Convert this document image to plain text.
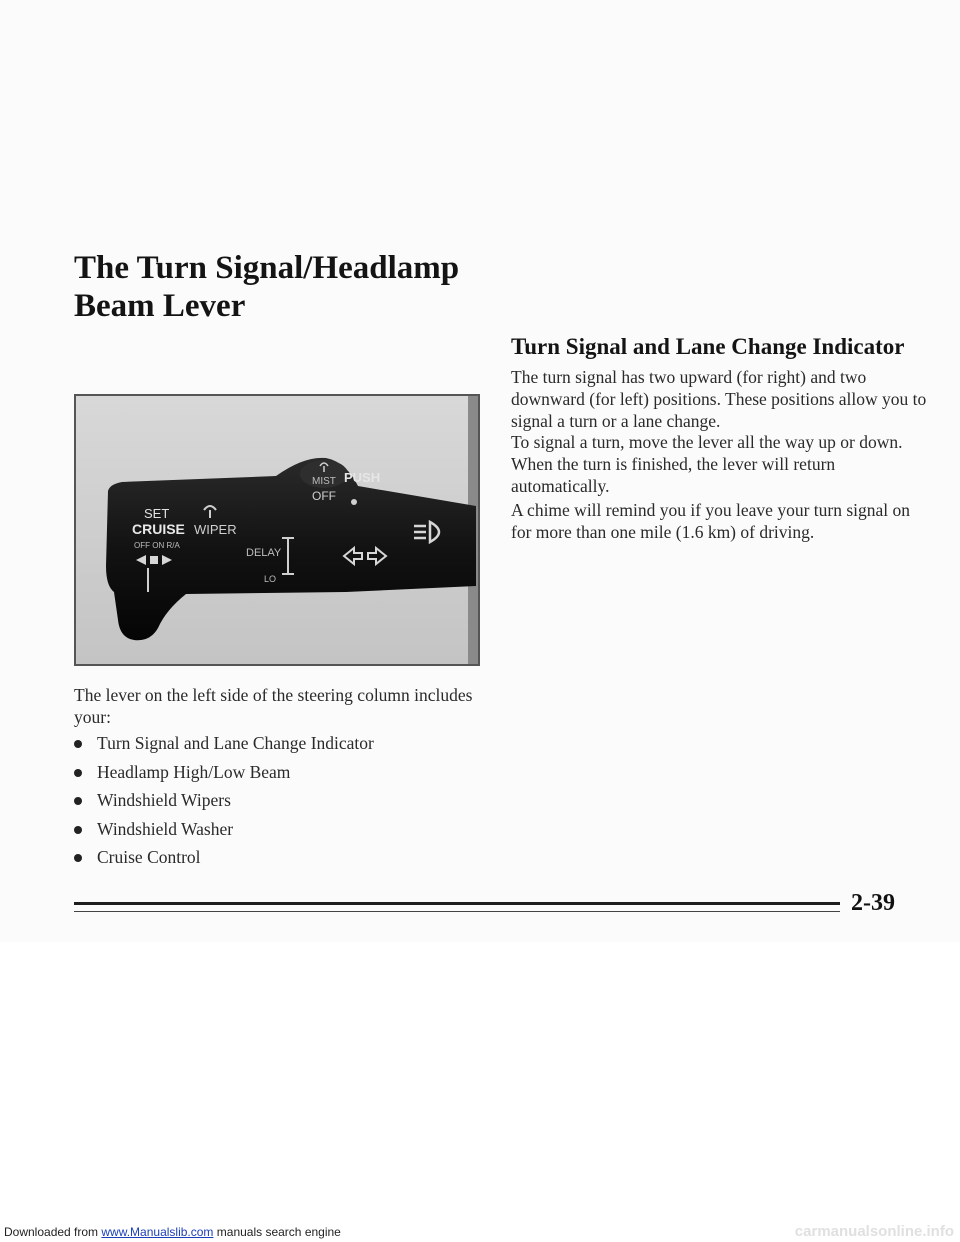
The Turn Signal/Headlamp Beam Lever
MIST
OFF
PUSH
SET
CRUISE WIPER
OFF ON R/A
DELAY
LO

The lever on the left side of the steering column includes your:

Turn Signal and Lane Change Indicator
Headlamp High/Low Beam
Windshield Wipers
Windshield Washer
Cruise Control
Turn Signal and Lane Change Indicator

The turn signal has two upward (for right) and two downward (for left) positions. These positions allow you to signal a turn or a lane change.

To signal a turn, move the lever all the way up or down. When the turn is finished, the lever will return automatically.

A chime will remind you if you leave your turn signal on for more than one mile (1.6 km) of driving.

2-39
Downloaded from www.Manualslib.com manuals search engine	carmanualsonline.info
